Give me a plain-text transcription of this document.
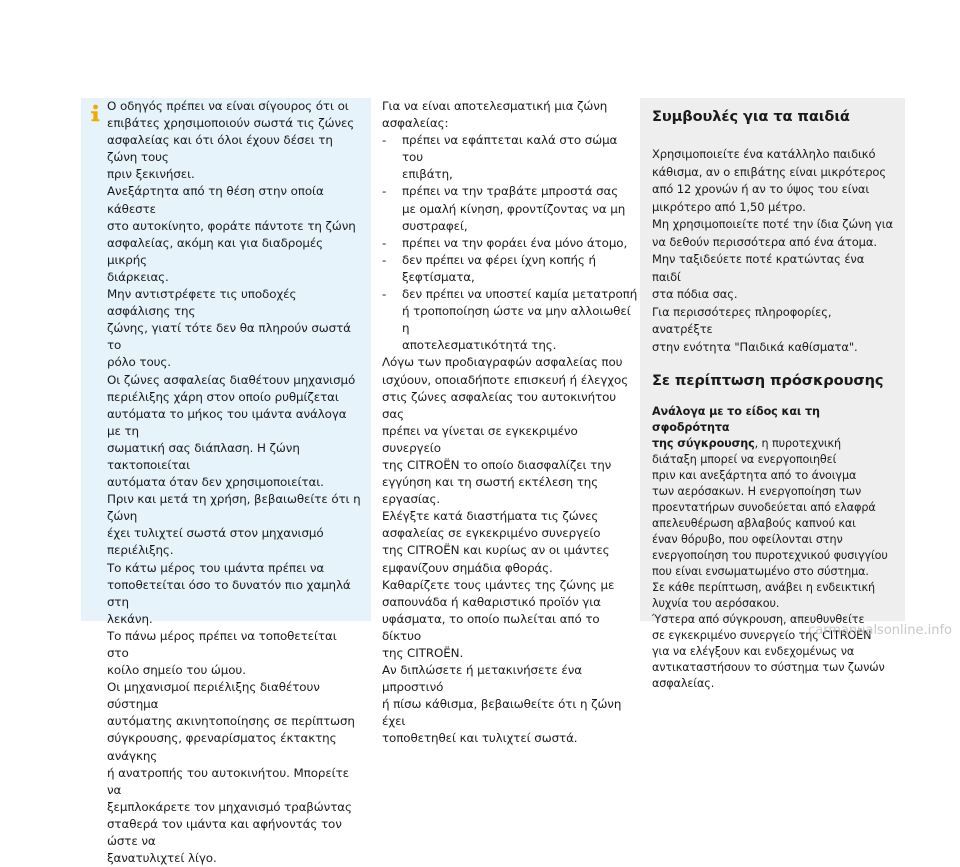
Ο οδηγός πρέπει να είναι σίγουρος ότι οι
επιβάτες χρησιμοποιούν σωστά τις ζώνες
ασφαλείας και ότι όλοι έχουν δέσει τη ζώνη τους
πριν ξεκινήσει.
Ανεξάρτητα από τη θέση στην οποία κάθεστε
στο αυτοκίνητο, φοράτε πάντοτε τη ζώνη
ασφαλείας, ακόμη και για διαδρομές μικρής
διάρκειας.
Μην αντιστρέφετε τις υποδοχές ασφάλισης της
ζώνης, γιατί τότε δεν θα πληρούν σωστά το
ρόλο τους.
Οι ζώνες ασφαλείας διαθέτουν μηχανισμό
περιέλιξης χάρη στον οποίο ρυθμίζεται
αυτόματα το μήκος του ιμάντα ανάλογα με τη
σωματική σας διάπλαση. Η ζώνη τακτοποιείται
αυτόματα όταν δεν χρησιμοποιείται.
Πριν και μετά τη χρήση, βεβαιωθείτε ότι η ζώνη
έχει τυλιχτεί σωστά στον μηχανισμό περιέλιξης.
Το κάτω μέρος του ιμάντα πρέπει να
τοποθετείται όσο το δυνατόν πιο χαμηλά στη
λεκάνη.
Το πάνω μέρος πρέπει να τοποθετείται στο
κοίλο σημείο του ώμου.
Οι μηχανισμοί περιέλιξης διαθέτουν σύστημα
αυτόματης ακινητοποίησης σε περίπτωση
σύγκρουσης, φρεναρίσματος έκτακτης ανάγκης
ή ανατροπής του αυτοκινήτου. Μπορείτε να
ξεμπλοκάρετε τον μηχανισμό τραβώντας
σταθερά τον ιμάντα και αφήνοντάς τον ώστε να
ξανατυλιχτεί λίγο.
Για να είναι αποτελεσματική μια ζώνη
ασφαλείας:
- πρέπει να εφάπτεται καλά στο σώμα του
επιβάτη,
- πρέπει να την τραβάτε μπροστά σας
με ομαλή κίνηση, φροντίζοντας να μη
συστραφεί,
- πρέπει να την φοράει ένα μόνο άτομο,
- δεν πρέπει να φέρει ίχνη κοπής ή
ξεφτίσματα,
- δεν πρέπει να υποστεί καμία μετατροπή
ή τροποποίηση ώστε να μην αλλοιωθεί η
αποτελεσματικότητά της.
Λόγω των προδιαγραφών ασφαλείας που
ισχύουν, οποιαδήποτε επισκευή ή έλεγχος
στις ζώνες ασφαλείας του αυτοκινήτου σας
πρέπει να γίνεται σε εγκεκριμένο συνεργείο
της CITROËN το οποίο διασφαλίζει την
εγγύηση και τη σωστή εκτέλεση της εργασίας.
Ελέγξτε κατά διαστήματα τις ζώνες
ασφαλείας σε εγκεκριμένο συνεργείο
της CITROËN και κυρίως αν οι ιμάντες
εμφανίζουν σημάδια φθοράς.
Καθαρίζετε τους ιμάντες της ζώνης με
σαπουνάδα ή καθαριστικό προϊόν για
υφάσματα, το οποίο πωλείται από το δίκτυο
της CITROËN.
Αν διπλώσετε ή μετακινήσετε ένα μπροστινό
ή πίσω κάθισμα, βεβαιωθείτε ότι η ζώνη έχει
τοποθετηθεί και τυλιχτεί σωστά.
Συμβουλές για τα παιδιά
Χρησιμοποιείτε ένα κατάλληλο παιδικό
κάθισμα, αν ο επιβάτης είναι μικρότερος
από 12 χρονών ή αν το ύψος του είναι
μικρότερο από 1,50 μέτρο.
Μη χρησιμοποιείτε ποτέ την ίδια ζώνη για
να δεθούν περισσότερα από ένα άτομα.
Μην ταξιδεύετε ποτέ κρατώντας ένα παιδί
στα πόδια σας.
Για περισσότερες πληροφορίες, ανατρέξτε
στην ενότητα "Παιδικά καθίσματα".
Σε περίπτωση πρόσκρουσης
Ανάλογα με το είδος και τη σφοδρότητα
της σύγκρουσης, η πυροτεχνική
διάταξη μπορεί να ενεργοποιηθεί
πριν και ανεξάρτητα από το άνοιγμα
των αερόσακων. Η ενεργοποίηση των
προεντατήρων συνοδεύεται από ελαφρά
απελευθέρωση αβλαβούς καπνού και
έναν θόρυβο, που οφείλονται στην
ενεργοποίηση του πυροτεχνικού φυσιγγίου
που είναι ενσωματωμένο στο σύστημα.
Σε κάθε περίπτωση, ανάβει η ενδεικτική
λυχνία του αερόσακου.
Ύστερα από σύγκρουση, απευθυνθείτε
σε εγκεκριμένο συνεργείο της CITROËN
για να ελέγξουν και ενδεχομένως να
αντικαταστήσουν το σύστημα των ζωνών
ασφαλείας.
carmanualsonline.info
